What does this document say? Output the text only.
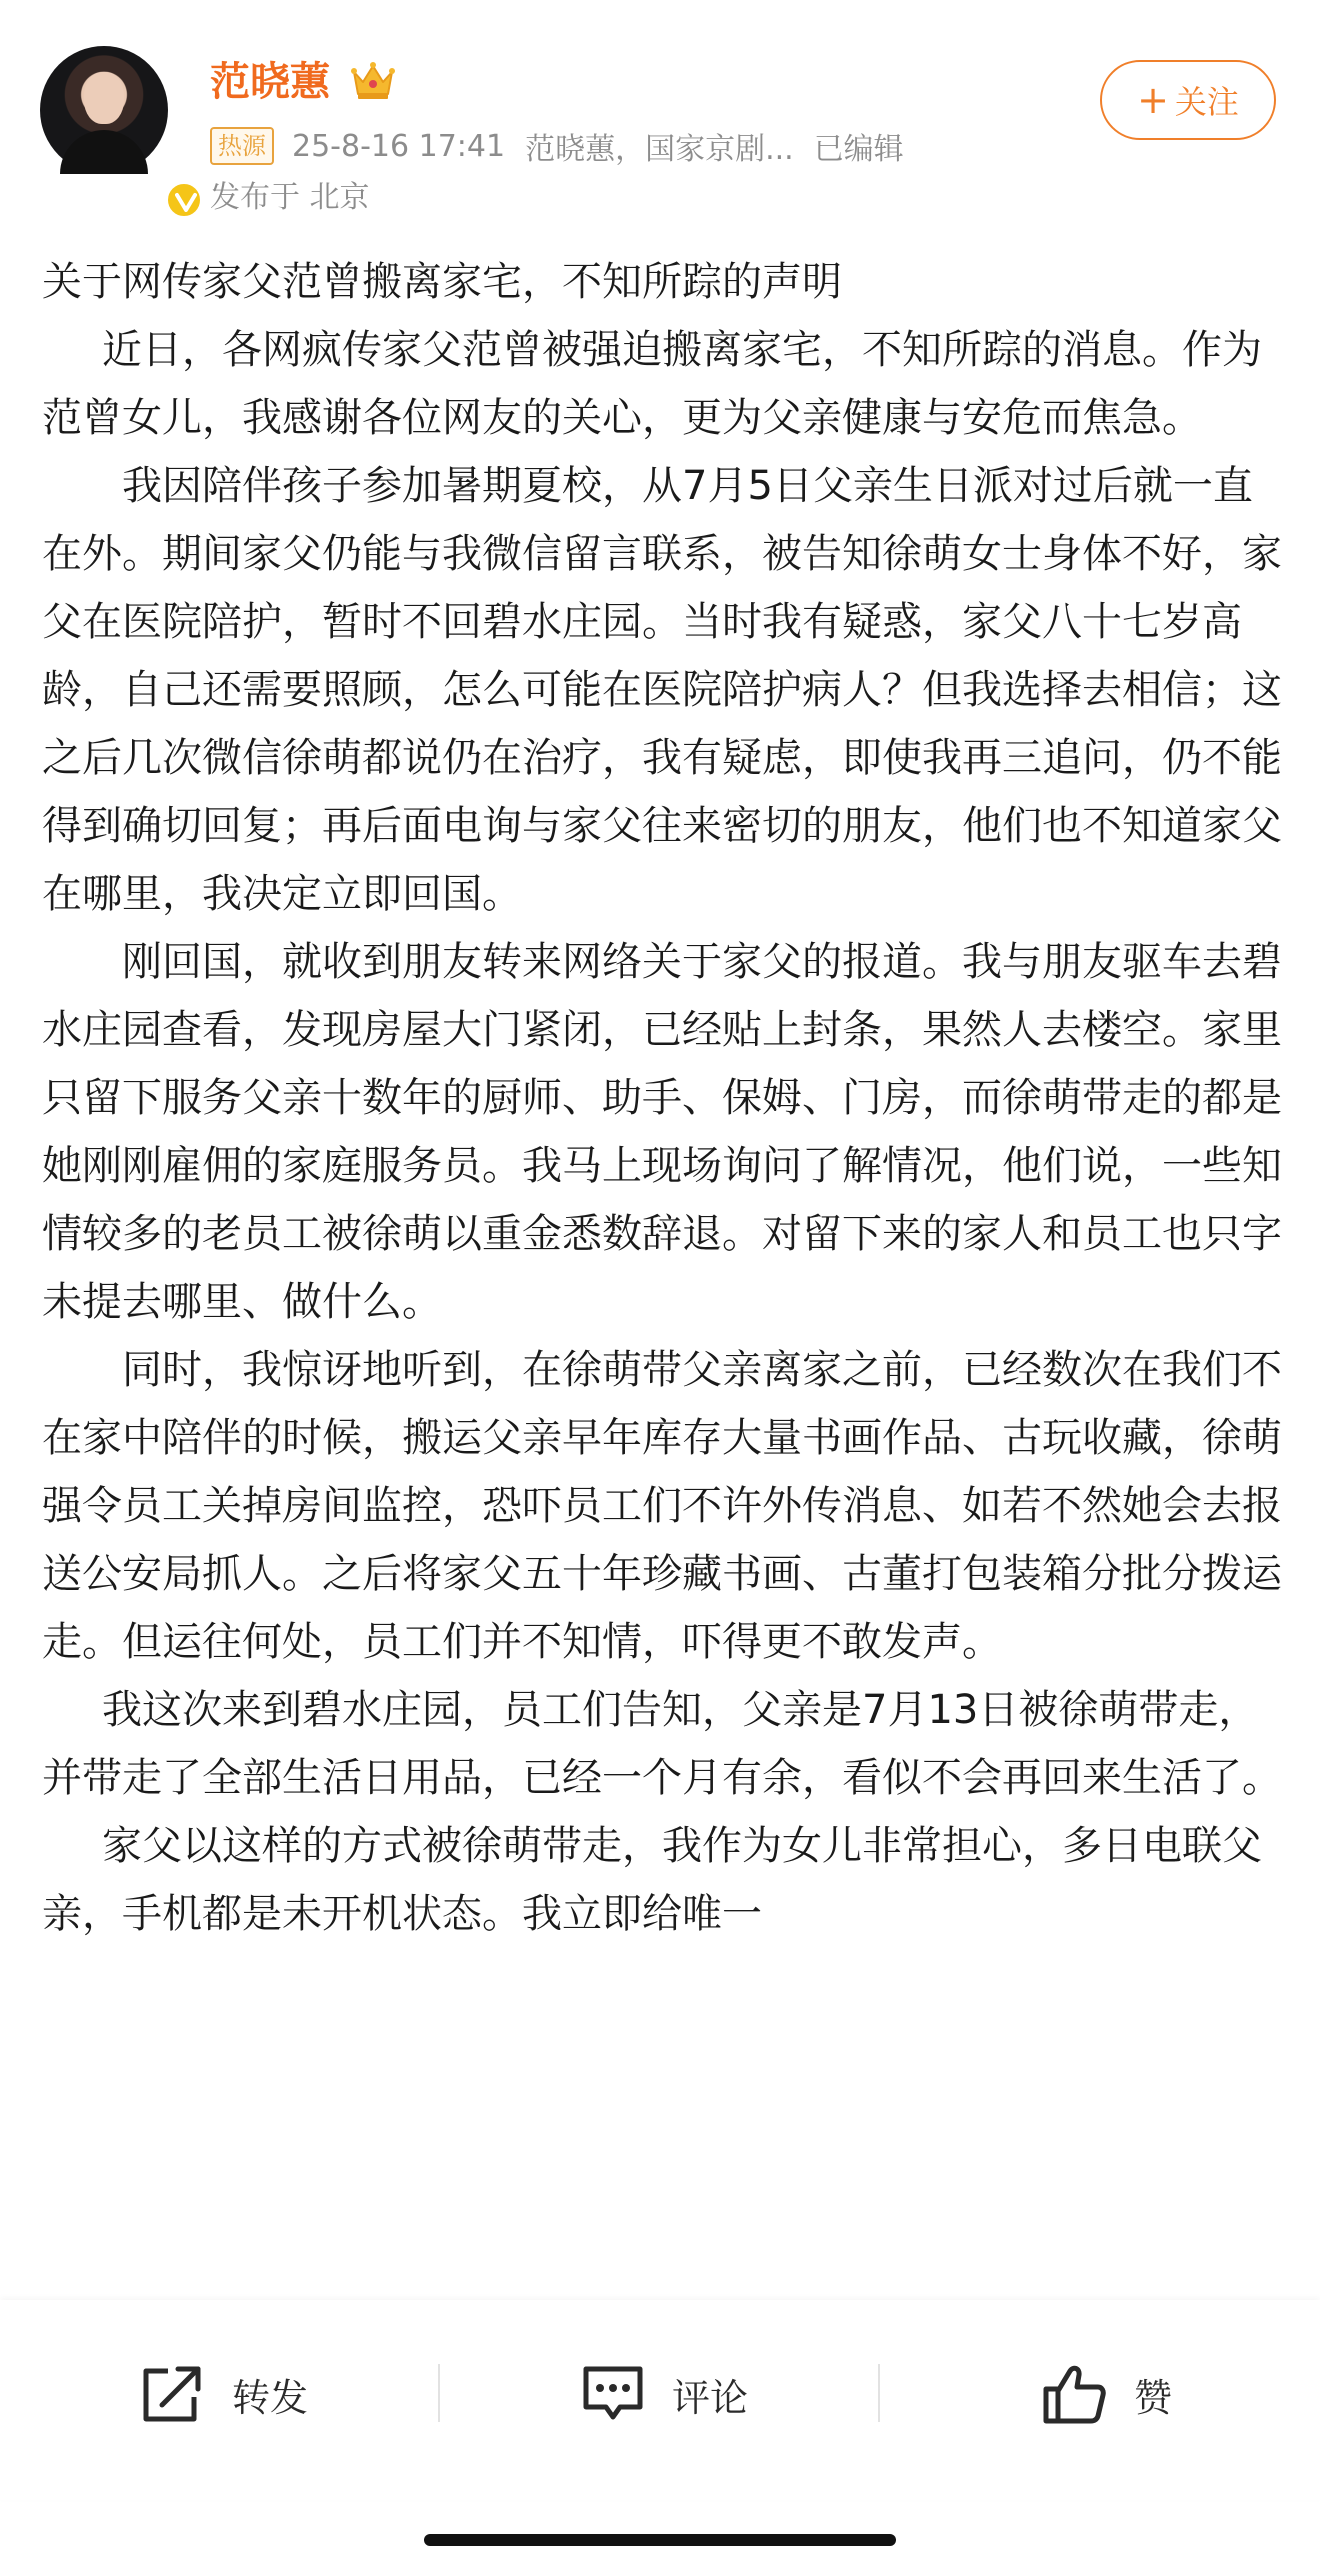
范晓蕙
热源 25-8-16 17:41 范晓蕙，国家京剧... 已编辑
发布于 北京
+ 关注

关于网传家父范曾搬离家宅，不知所踪的声明

近日，各网疯传家父范曾被强迫搬离家宅，不知所踪的消息。作为范曾女儿，我感谢各位网友的关心，更为父亲健康与安危而焦急。

我因陪伴孩子参加暑期夏校，从7月5日父亲生日派对过后就一直在外。期间家父仍能与我微信留言联系，被告知徐萌女士身体不好，家父在医院陪护，暂时不回碧水庄园。当时我有疑惑，家父八十七岁高龄，自己还需要照顾，怎么可能在医院陪护病人？但我选择去相信；这之后几次微信徐萌都说仍在治疗，我有疑虑，即使我再三追问，仍不能得到确切回复；再后面电询与家父往来密切的朋友，他们也不知道家父在哪里，我决定立即回国。

刚回国，就收到朋友转来网络关于家父的报道。我与朋友驱车去碧水庄园查看，发现房屋大门紧闭，已经贴上封条，果然人去楼空。家里只留下服务父亲十数年的厨师、助手、保姆、门房，而徐萌带走的都是她刚刚雇佣的家庭服务员。我马上现场询问了解情况，他们说，一些知情较多的老员工被徐萌以重金悉数辞退。对留下来的家人和员工也只字未提去哪里、做什么。

同时，我惊讶地听到，在徐萌带父亲离家之前，已经数次在我们不在家中陪伴的时候，搬运父亲早年库存大量书画作品、古玩收藏，徐萌强令员工关掉房间监控，恐吓员工们不许外传消息、如若不然她会去报送公安局抓人。之后将家父五十年珍藏书画、古董打包装箱分批分拨运走。但运往何处，员工们并不知情，吓得更不敢发声。

我这次来到碧水庄园，员工们告知，父亲是7月13日被徐萌带走，并带走了全部生活日用品，已经一个月有余，看似不会再回来生活了。

家父以这样的方式被徐萌带走，我作为女儿非常担心，多日电联父亲，手机都是未开机状态。我立即给唯一

转发	评论	赞
